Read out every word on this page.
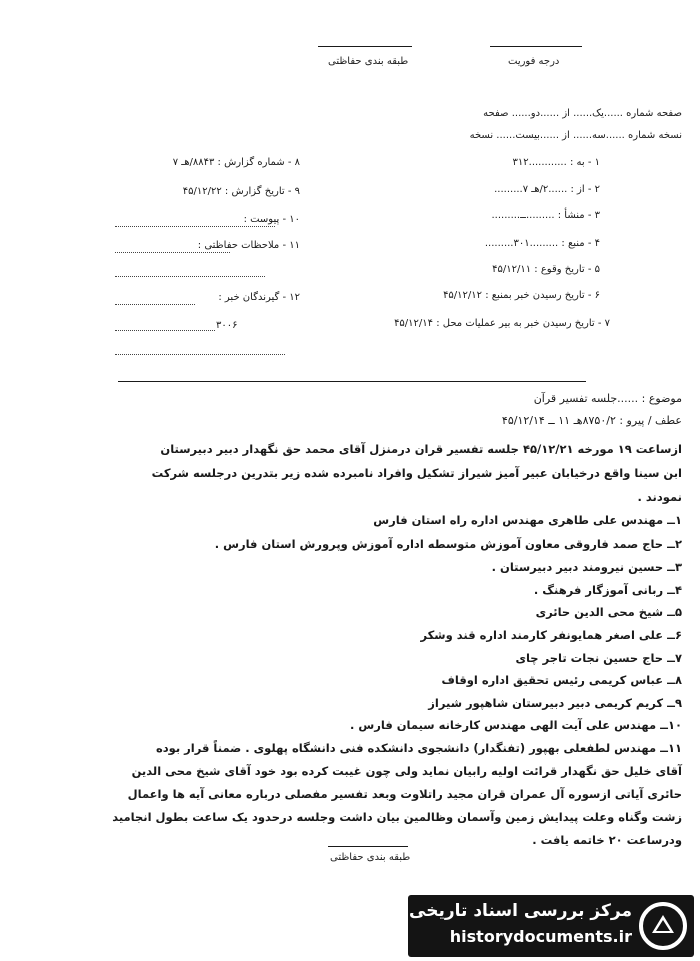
طبقه بندی حفاظتی	درجه فوریت
صفحه شماره ......یک...... از ......دو...... صفحه
نسخه شماره ......سه...... از ......بیست...... نسخه
۱ - به : ............۳۱۲
۲ - از : ......۲/هـ ۷.........
۳ - منشأ : .........ــ.........
۴ - منبع : .........۳۰۱.........
۵ - تاریخ وقوع : ۴۵/۱۲/۱۱
۶ - تاریخ رسیدن خبر بمنبع : ۴۵/۱۲/۱۲
۷ - تاریخ رسیدن خبر به بیر عملیات محل : ۴۵/۱۲/۱۴
۸ - شماره گزارش : ۸۸۴۳/هـ ۷
۹ - تاریخ گزارش : ۴۵/۱۲/۲۲
۱۰ - پیوست :
۱۱ - ملاحظات حفاظتی :
۱۲ - گیرندگان خبر :
۳۰۰۶
موضوع : ......جلسه تفسیر قرآن
عطف / پیرو : ۸۷۵۰/۲هـ ۱۱ ــ ۴۵/۱۲/۱۴
ازساعت ۱۹ مورخه ۴۵/۱۲/۲۱ جلسه تفسیر قران درمنزل آقای محمد حق نگهدار دبیر دبیرستان
ابن سینا واقع درخیابان عبیر آمیز شیراز تشکیل وافراد نامبرده شده زیر بتدرین درجلسه شرکت
نمودند .
۱ــ مهندس علی طاهری مهندس اداره راه استان فارس
۲ــ حاج صمد فاروقی معاون آموزش متوسطه اداره آموزش وپرورش استان فارس .
۳ــ حسین نیرومند دبیر دبیرستان .
۴ــ ربانی آموزگار فرهنگ .
۵ــ شیخ محی الدین حائری
۶ــ علی اصغر همایونفر کارمند اداره قند وشکر
۷ــ حاج حسین نجات تاجر چای
۸ــ عباس کریمی رئیس تحقیق اداره اوقاف
۹ــ کریم کریمی دبیر دبیرستان شاهپور شیراز
۱۰ــ مهندس علی آیت الهی مهندس کارخانه سیمان فارس .
۱۱ــ مهندس لطفعلی بهپور (تفنگدار) دانشجوی دانشکده فنی دانشگاه پهلوی . ضمناً قرار بوده
آقای خلیل حق نگهدار قرائت اولیه رابیان نماید ولی چون غیبت کرده بود خود آقای شیخ محی الدین
حائری آیاتی ازسوره آل عمران قران مجید راتلاوت وبعد تفسیر مفصلی درباره معانی آیه ها واعمال
زشت وگناه وعلت پیدایش زمین وآسمان وظالمین بیان داشت وجلسه درحدود یک ساعت بطول انجامید
ودرساعت ۲۰ خاتمه یافت .
طبقه بندی حفاظتی
مرکز بررسی اسناد تاریخی
historydocuments.ir
